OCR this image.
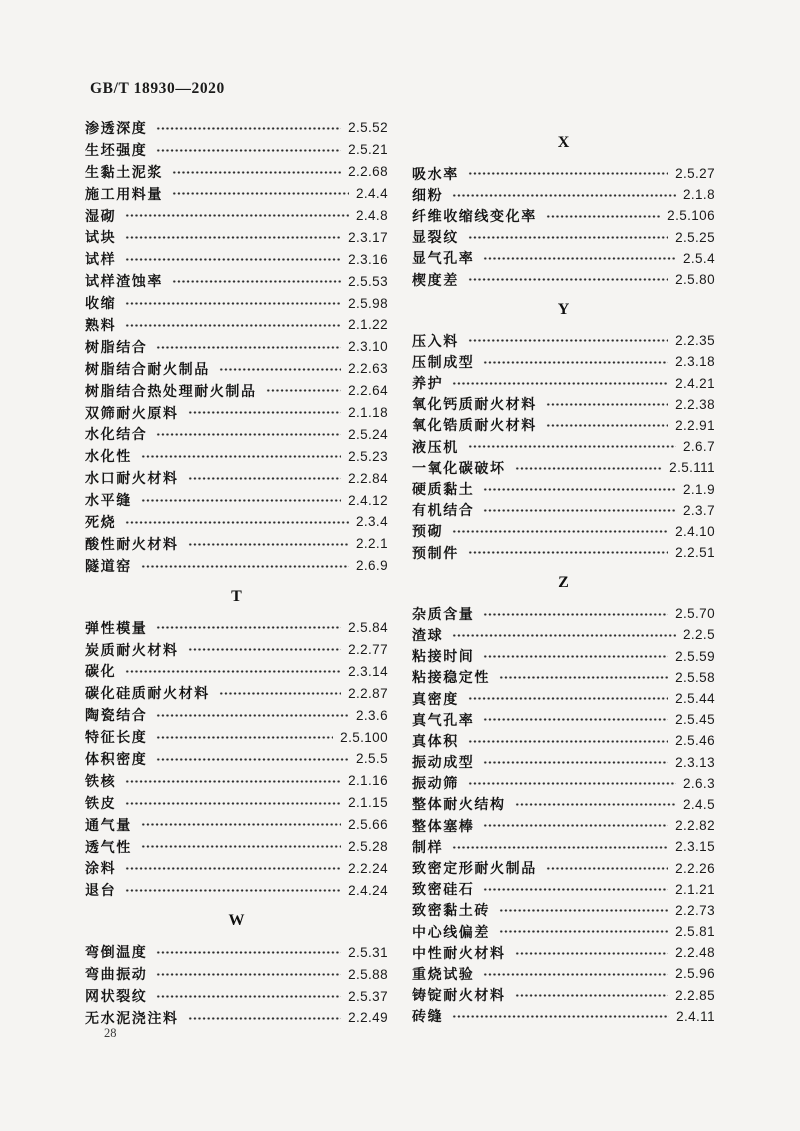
GB/T 18930—2020
渗透深度	2.5.52
生坯强度	2.5.21
生黏土泥浆	2.2.68
施工用料量	2.4.4
湿砌	2.4.8
试块	2.3.17
试样	2.3.16
试样渣蚀率	2.5.53
收缩	2.5.98
熟料	2.1.22
树脂结合	2.3.10
树脂结合耐火制品	2.2.63
树脂结合热处理耐火制品	2.2.64
双筛耐火原料	2.1.18
水化结合	2.5.24
水化性	2.5.23
水口耐火材料	2.2.84
水平缝	2.4.12
死烧	2.3.4
酸性耐火材料	2.2.1
隧道窑	2.6.9
T
弹性模量	2.5.84
炭质耐火材料	2.2.77
碳化	2.3.14
碳化硅质耐火材料	2.2.87
陶瓷结合	2.3.6
特征长度	2.5.100
体积密度	2.5.5
铁核	2.1.16
铁皮	2.1.15
通气量	2.5.66
透气性	2.5.28
涂料	2.2.24
退台	2.4.24
W
弯倒温度	2.5.31
弯曲振动	2.5.88
网状裂纹	2.5.37
无水泥浇注料	2.2.49
X
吸水率	2.5.27
细粉	2.1.8
纤维收缩线变化率	2.5.106
显裂纹	2.5.25
显气孔率	2.5.4
楔度差	2.5.80
Y
压入料	2.2.35
压制成型	2.3.18
养护	2.4.21
氧化钙质耐火材料	2.2.38
氧化锆质耐火材料	2.2.91
液压机	2.6.7
一氧化碳破坏	2.5.111
硬质黏土	2.1.9
有机结合	2.3.7
预砌	2.4.10
预制件	2.2.51
Z
杂质含量	2.5.70
渣球	2.2.5
粘接时间	2.5.59
粘接稳定性	2.5.58
真密度	2.5.44
真气孔率	2.5.45
真体积	2.5.46
振动成型	2.3.13
振动筛	2.6.3
整体耐火结构	2.4.5
整体塞棒	2.2.82
制样	2.3.15
致密定形耐火制品	2.2.26
致密硅石	2.1.21
致密黏土砖	2.2.73
中心线偏差	2.5.81
中性耐火材料	2.2.48
重烧试验	2.5.96
铸锭耐火材料	2.2.85
砖缝	2.4.11
28
